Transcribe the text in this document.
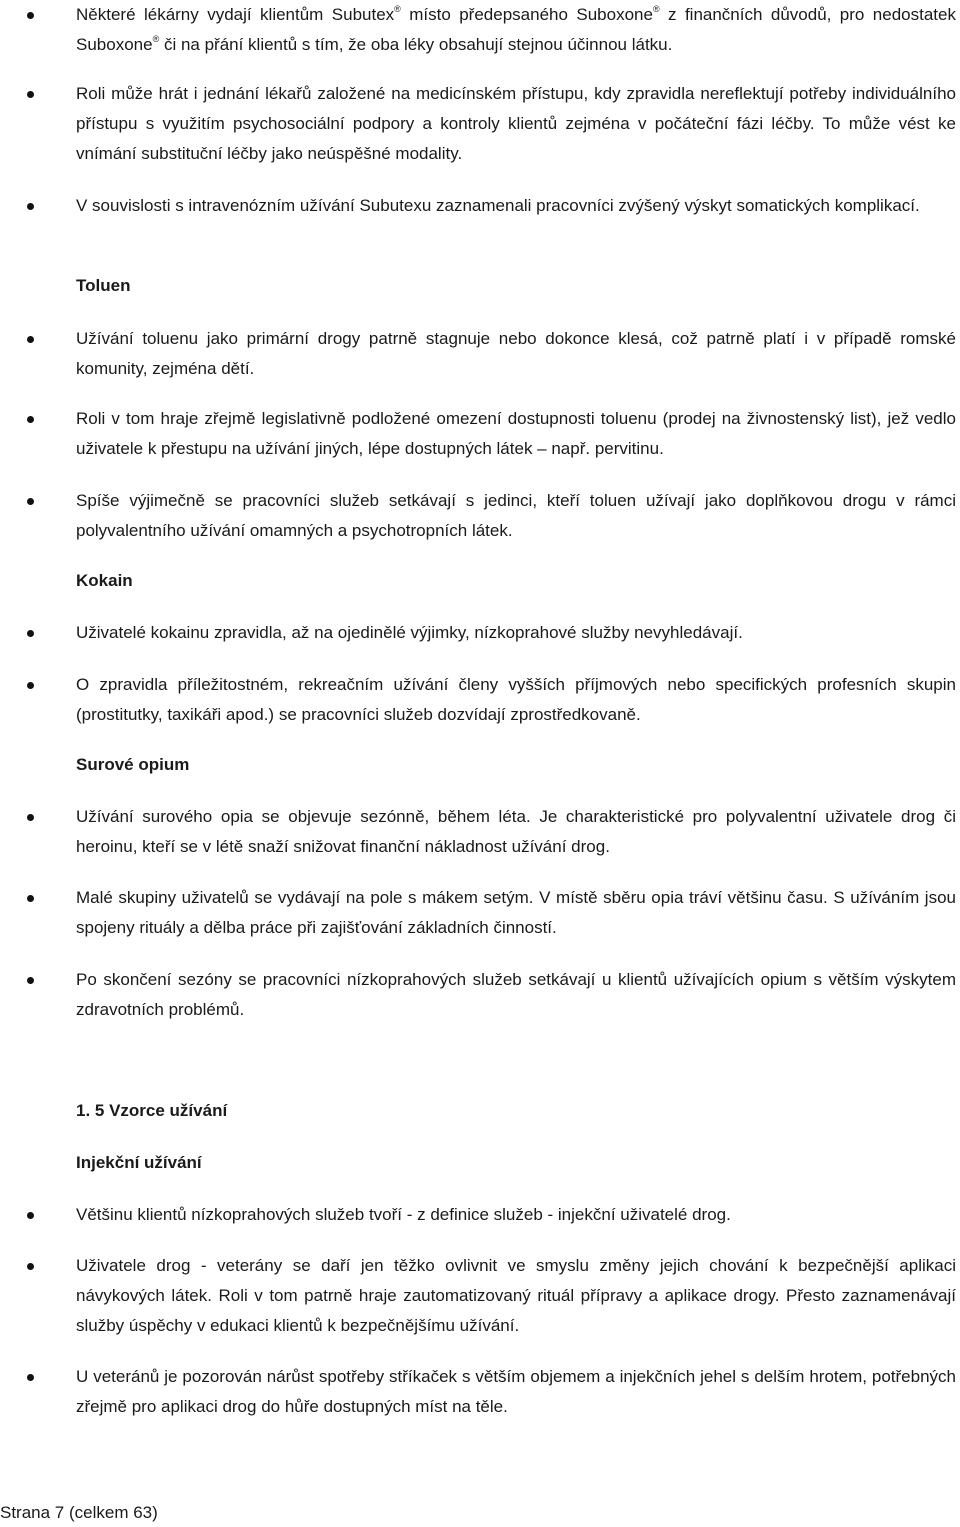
Některé lékárny vydají klientům Subutex® místo předepsaného Suboxone® z finančních důvodů, pro nedostatek Suboxone® či na přání klientů s tím, že oba léky obsahují stejnou účinnou látku.

Roli může hrát i jednání lékařů založené na medicínském přístupu, kdy zpravidla nereflektují potřeby individuálního přístupu s využitím psychosociální podpory a kontroly klientů zejména v počáteční fázi léčby. To může vést ke vnímání substituční léčby jako neúspěšné modality.

V souvislosti s intravenózním užívání Subutexu zaznamenali pracovníci zvýšený výskyt somatických komplikací.

Toluen

Užívání toluenu jako primární drogy patrně stagnuje nebo dokonce klesá, což patrně platí i v případě romské komunity, zejména dětí.

Roli v tom hraje zřejmě legislativně podložené omezení dostupnosti toluenu (prodej na živnostenský list), jež vedlo uživatele k přestupu na užívání jiných, lépe dostupných látek – např. pervitinu.

Spíše výjimečně se pracovníci služeb setkávají s jedinci, kteří toluen užívají jako doplňkovou drogu v rámci polyvalentního užívání omamných a psychotropních látek.

Kokain

Uživatelé kokainu zpravidla, až na ojedinělé výjimky, nízkoprahové služby nevyhledávají.

O zpravidla příležitostném, rekreačním užívání členy vyšších příjmových nebo specifických profesních skupin (prostitutky, taxikáři apod.) se pracovníci služeb dozvídají zprostředkovaně.

Surové opium

Užívání surového opia se objevuje sezónně, během léta. Je charakteristické pro polyvalentní uživatele drog či heroinu, kteří se v létě snaží snižovat finanční nákladnost užívání drog.

Malé skupiny uživatelů se vydávají na pole s mákem setým. V místě sběru opia tráví většinu času. S užíváním jsou spojeny rituály a dělba práce při zajišťování základních činností.

Po skončení sezóny se pracovníci nízkoprahových služeb setkávají u klientů užívajících opium s větším výskytem zdravotních problémů.

1. 5 Vzorce užívání
Injekční užívání

Většinu klientů nízkoprahových služeb tvoří - z definice služeb - injekční uživatelé drog.

Uživatele drog - veterány se daří jen těžko ovlivnit ve smyslu změny jejich chování k bezpečnější aplikaci návykových látek. Roli v tom patrně hraje zautomatizovaný rituál přípravy a aplikace drogy. Přesto zaznamenávají služby úspěchy v edukaci klientů k bezpečnějšímu užívání.

U veteránů je pozorován nárůst spotřeby stříkaček s větším objemem a injekčních jehel s delším hrotem, potřebných zřejmě pro aplikaci drog do hůře dostupných míst na těle.

Strana 7 (celkem 63)
